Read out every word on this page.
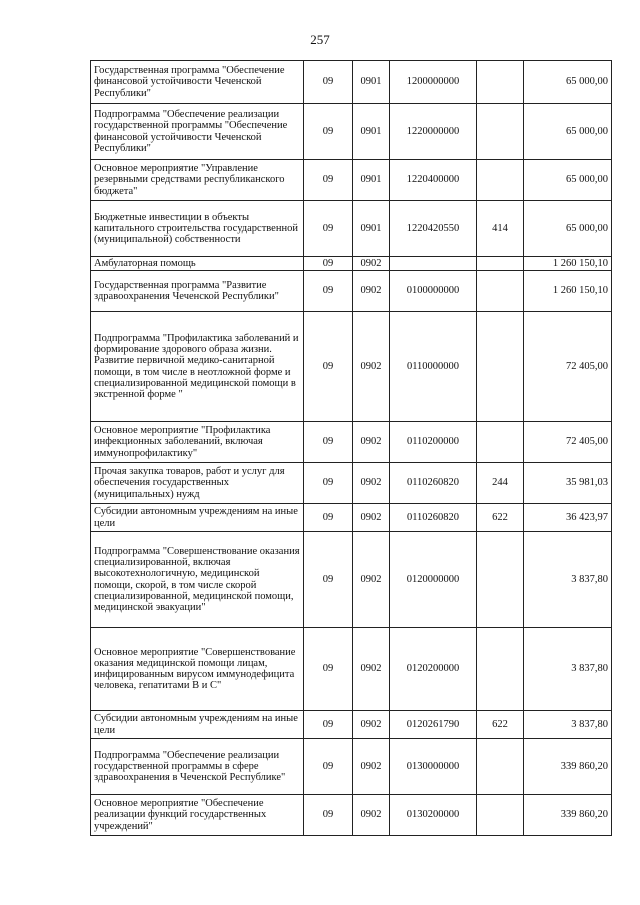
257
Государственная программа "Обеспечение финансовой устойчивости Чеченской Республики"	09	0901	1200000000		65 000,00
Подпрограмма "Обеспечение реализации государственной программы "Обеспечение финансовой устойчивости Чеченской Республики"	09	0901	1220000000		65 000,00
Основное мероприятие "Управление резервными средствами республиканского бюджета"	09	0901	1220400000		65 000,00
Бюджетные инвестиции в объекты капитального строительства государственной (муниципальной) собственности	09	0901	1220420550	414	65 000,00
Амбулаторная помощь	09	0902			1 260 150,10
Государственная программа "Развитие здравоохранения Чеченской Республики"	09	0902	0100000000		1 260 150,10
Подпрограмма "Профилактика заболеваний и формирование здорового образа жизни. Развитие первичной медико-санитарной помощи, в том числе в неотложной форме и специализированной медицинской помощи в экстренной форме "	09	0902	0110000000		72 405,00
Основное мероприятие "Профилактика инфекционных заболеваний, включая иммунопрофилактику"	09	0902	0110200000		72 405,00
Прочая закупка товаров, работ и услуг для обеспечения государственных (муниципальных) нужд	09	0902	0110260820	244	35 981,03
Субсидии автономным учреждениям на иные цели	09	0902	0110260820	622	36 423,97
Подпрограмма "Совершенствование оказания специализированной, включая высокотехнологичную, медицинской помощи, скорой, в том числе скорой специализированной, медицинской помощи, медицинской эвакуации"	09	0902	0120000000		3 837,80
Основное мероприятие "Совершенствование оказания медицинской помощи лицам, инфицированным вирусом иммунодефицита человека, гепатитами В и С"	09	0902	0120200000		3 837,80
Субсидии автономным учреждениям на иные цели	09	0902	0120261790	622	3 837,80
Подпрограмма "Обеспечение реализации государственной программы в сфере здравоохранения в Чеченской Республике"	09	0902	0130000000		339 860,20
Основное мероприятие "Обеспечение реализации функций государственных учреждений"	09	0902	0130200000		339 860,20
